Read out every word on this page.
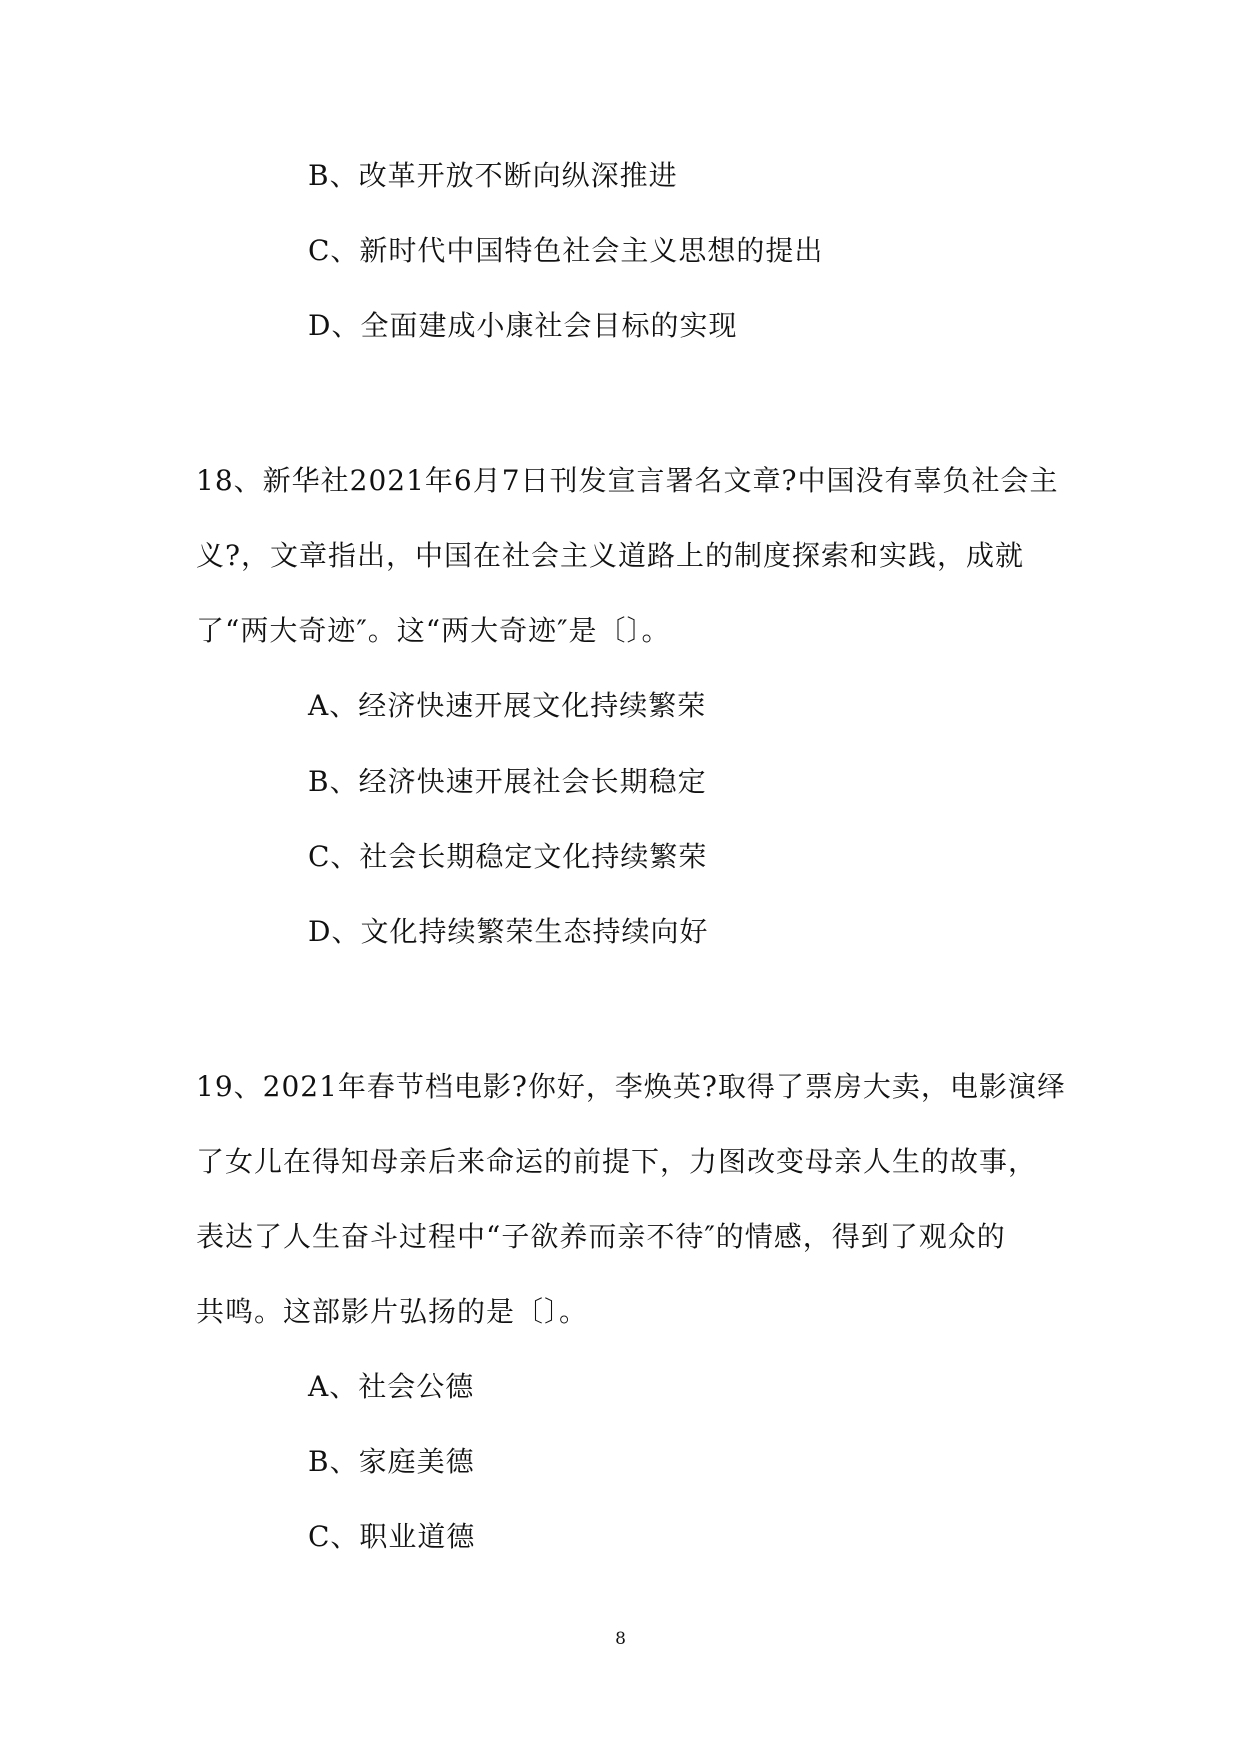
B、改革开放不断向纵深推进
C、新时代中国特色社会主义思想的提出
D、全面建成小康社会目标的实现
18、新华社2021年6月7日刊发宣言署名文章?中国没有辜负社会主
义?，文章指出，中国在社会主义道路上的制度探索和实践，成就
了“两大奇迹″。这“两大奇迹″是〔〕。
A、经济快速开展文化持续繁荣
B、经济快速开展社会长期稳定
C、社会长期稳定文化持续繁荣
D、文化持续繁荣生态持续向好
19、2021年春节档电影?你好，李焕英?取得了票房大卖，电影演绎
了女儿在得知母亲后来命运的前提下，力图改变母亲人生的故事，
表达了人生奋斗过程中“子欲养而亲不待″的情感，得到了观众的
共鸣。这部影片弘扬的是〔〕。
A、社会公德
B、家庭美德
C、职业道德
8
